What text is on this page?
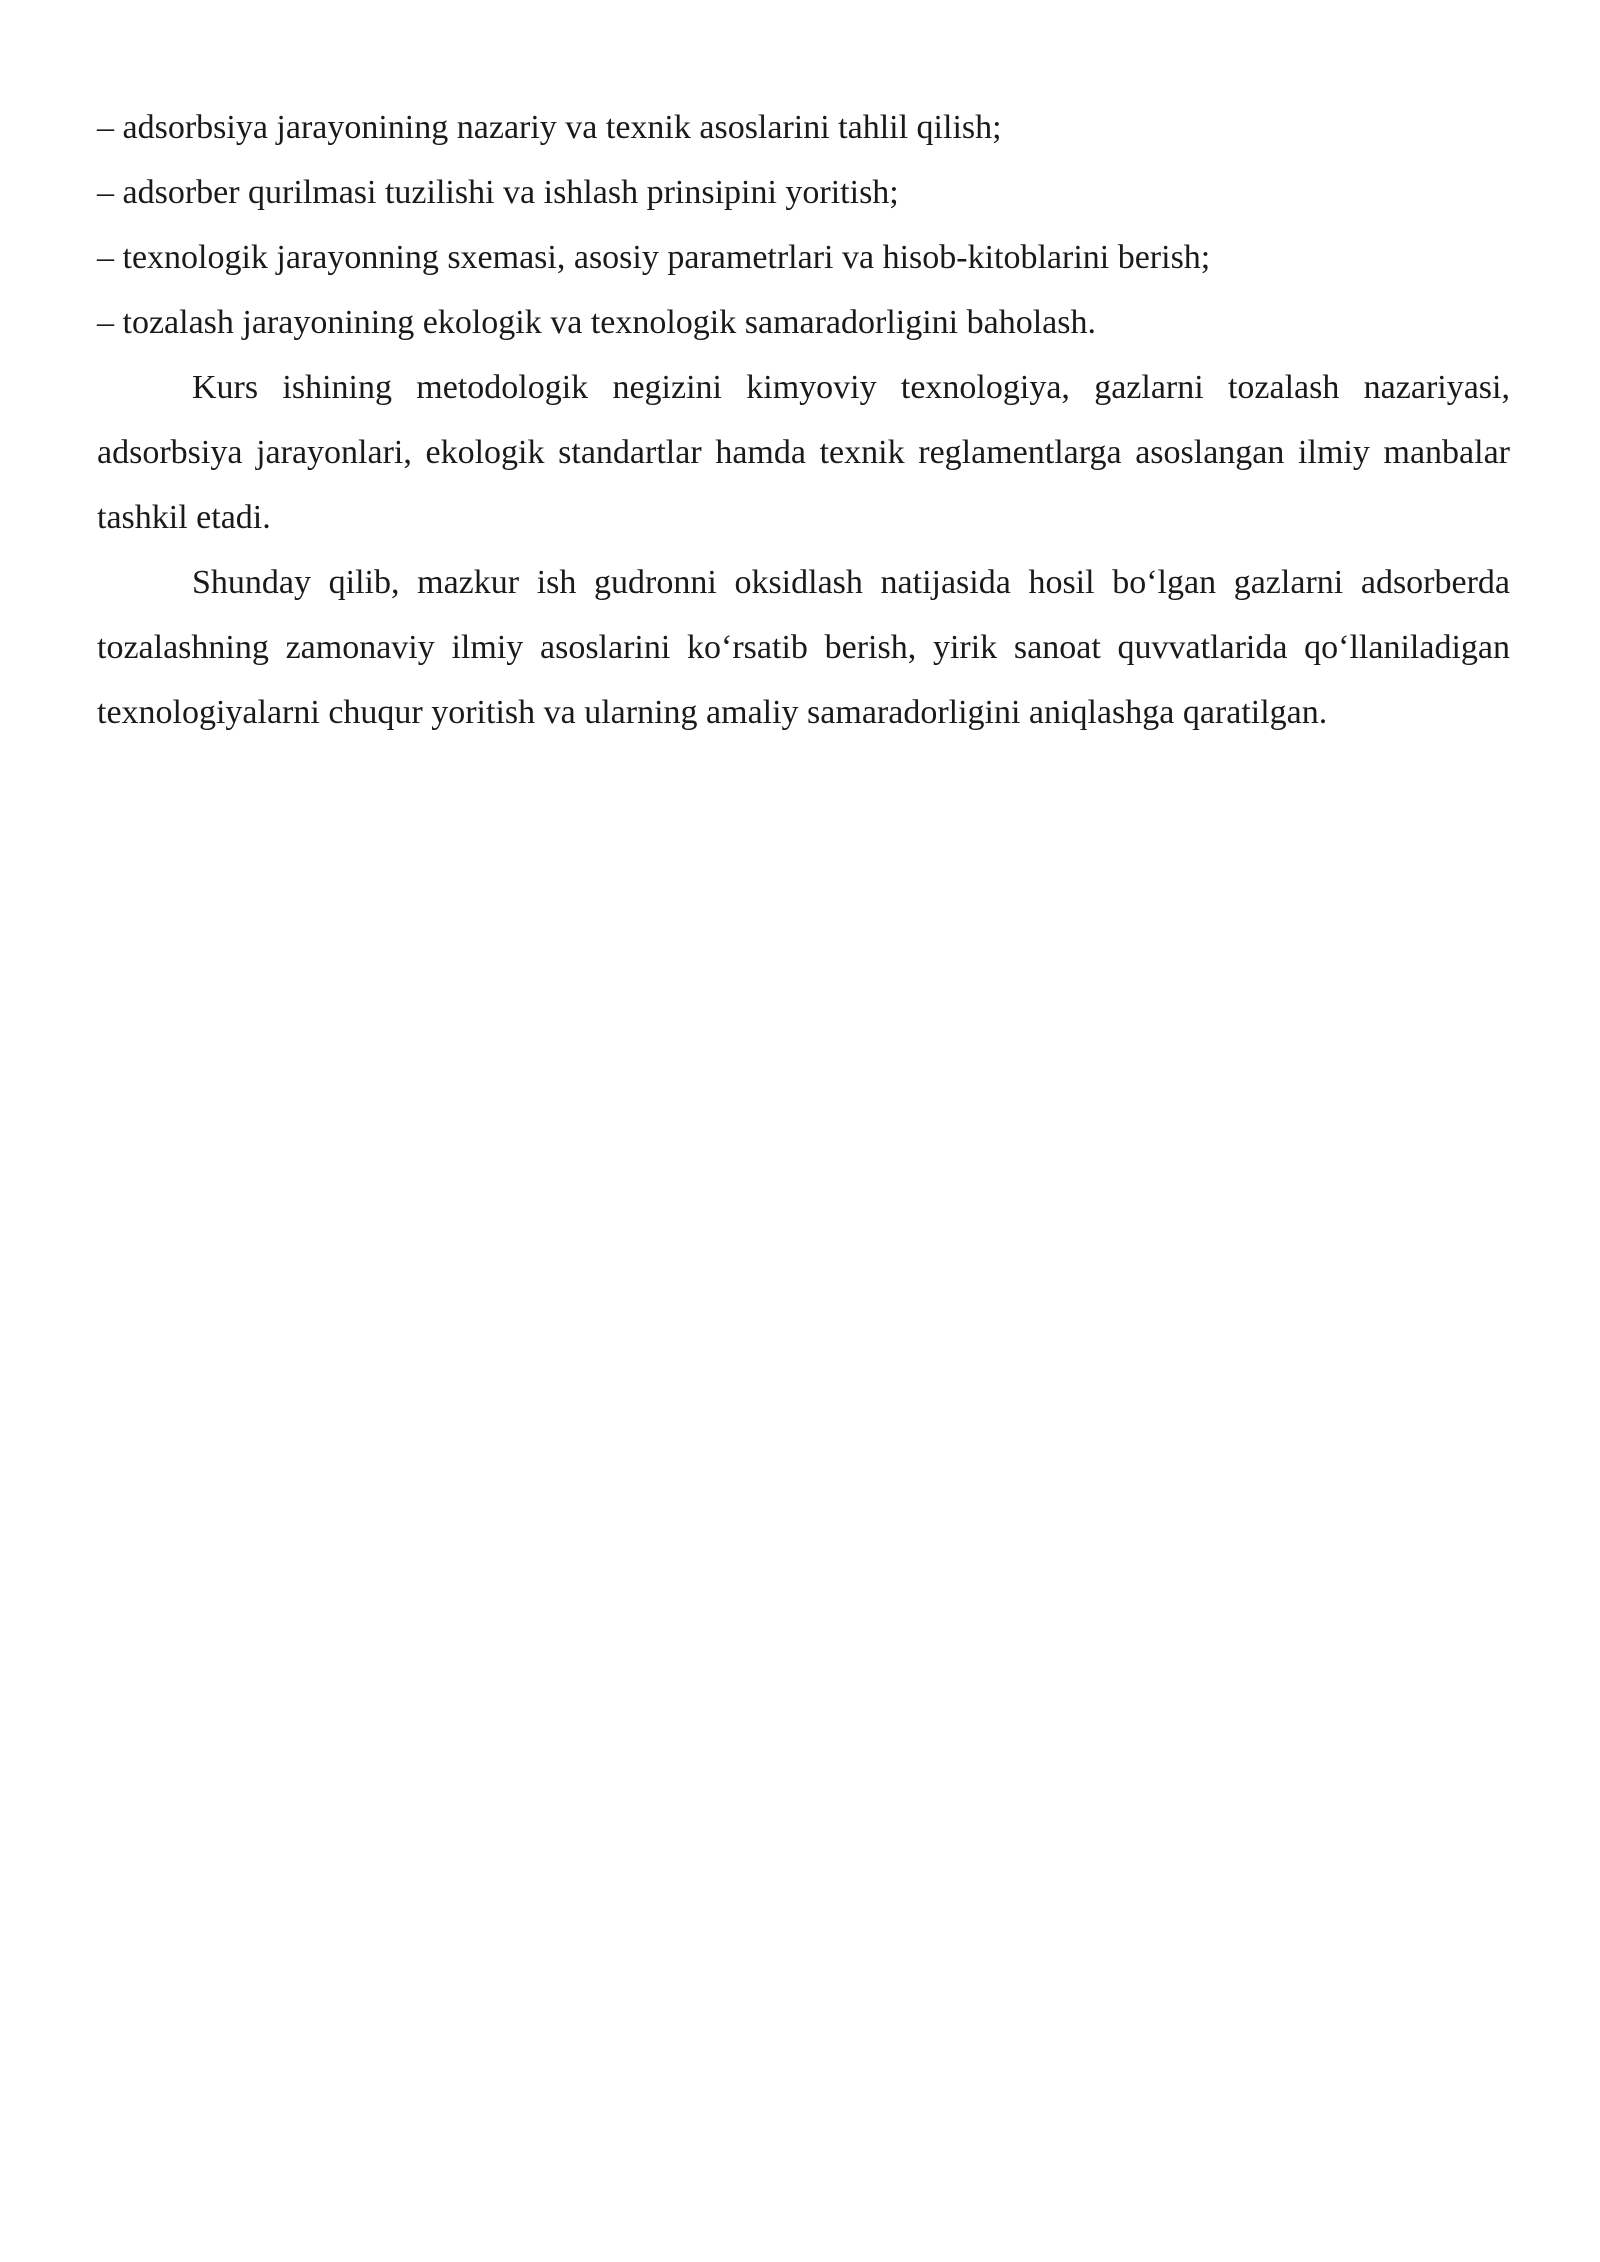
– adsorbsiya jarayonining nazariy va texnik asoslarini tahlil qilish;
– adsorber qurilmasi tuzilishi va ishlash prinsipini yoritish;
– texnologik jarayonning sxemasi, asosiy parametrlari va hisob-kitoblarini berish;
– tozalash jarayonining ekologik va texnologik samaradorligini baholash.

Kurs ishining metodologik negizini kimyoviy texnologiya, gazlarni tozalash nazariyasi, adsorbsiya jarayonlari, ekologik standartlar hamda texnik reglamentlarga asoslangan ilmiy manbalar tashkil etadi.

Shunday qilib, mazkur ish gudronni oksidlash natijasida hosil bo‘lgan gazlarni adsorberda tozalashning zamonaviy ilmiy asoslarini ko‘rsatib berish, yirik sanoat quvvatlarida qo‘llaniladigan texnologiyalarni chuqur yoritish va ularning amaliy samaradorligini aniqlashga qaratilgan.
